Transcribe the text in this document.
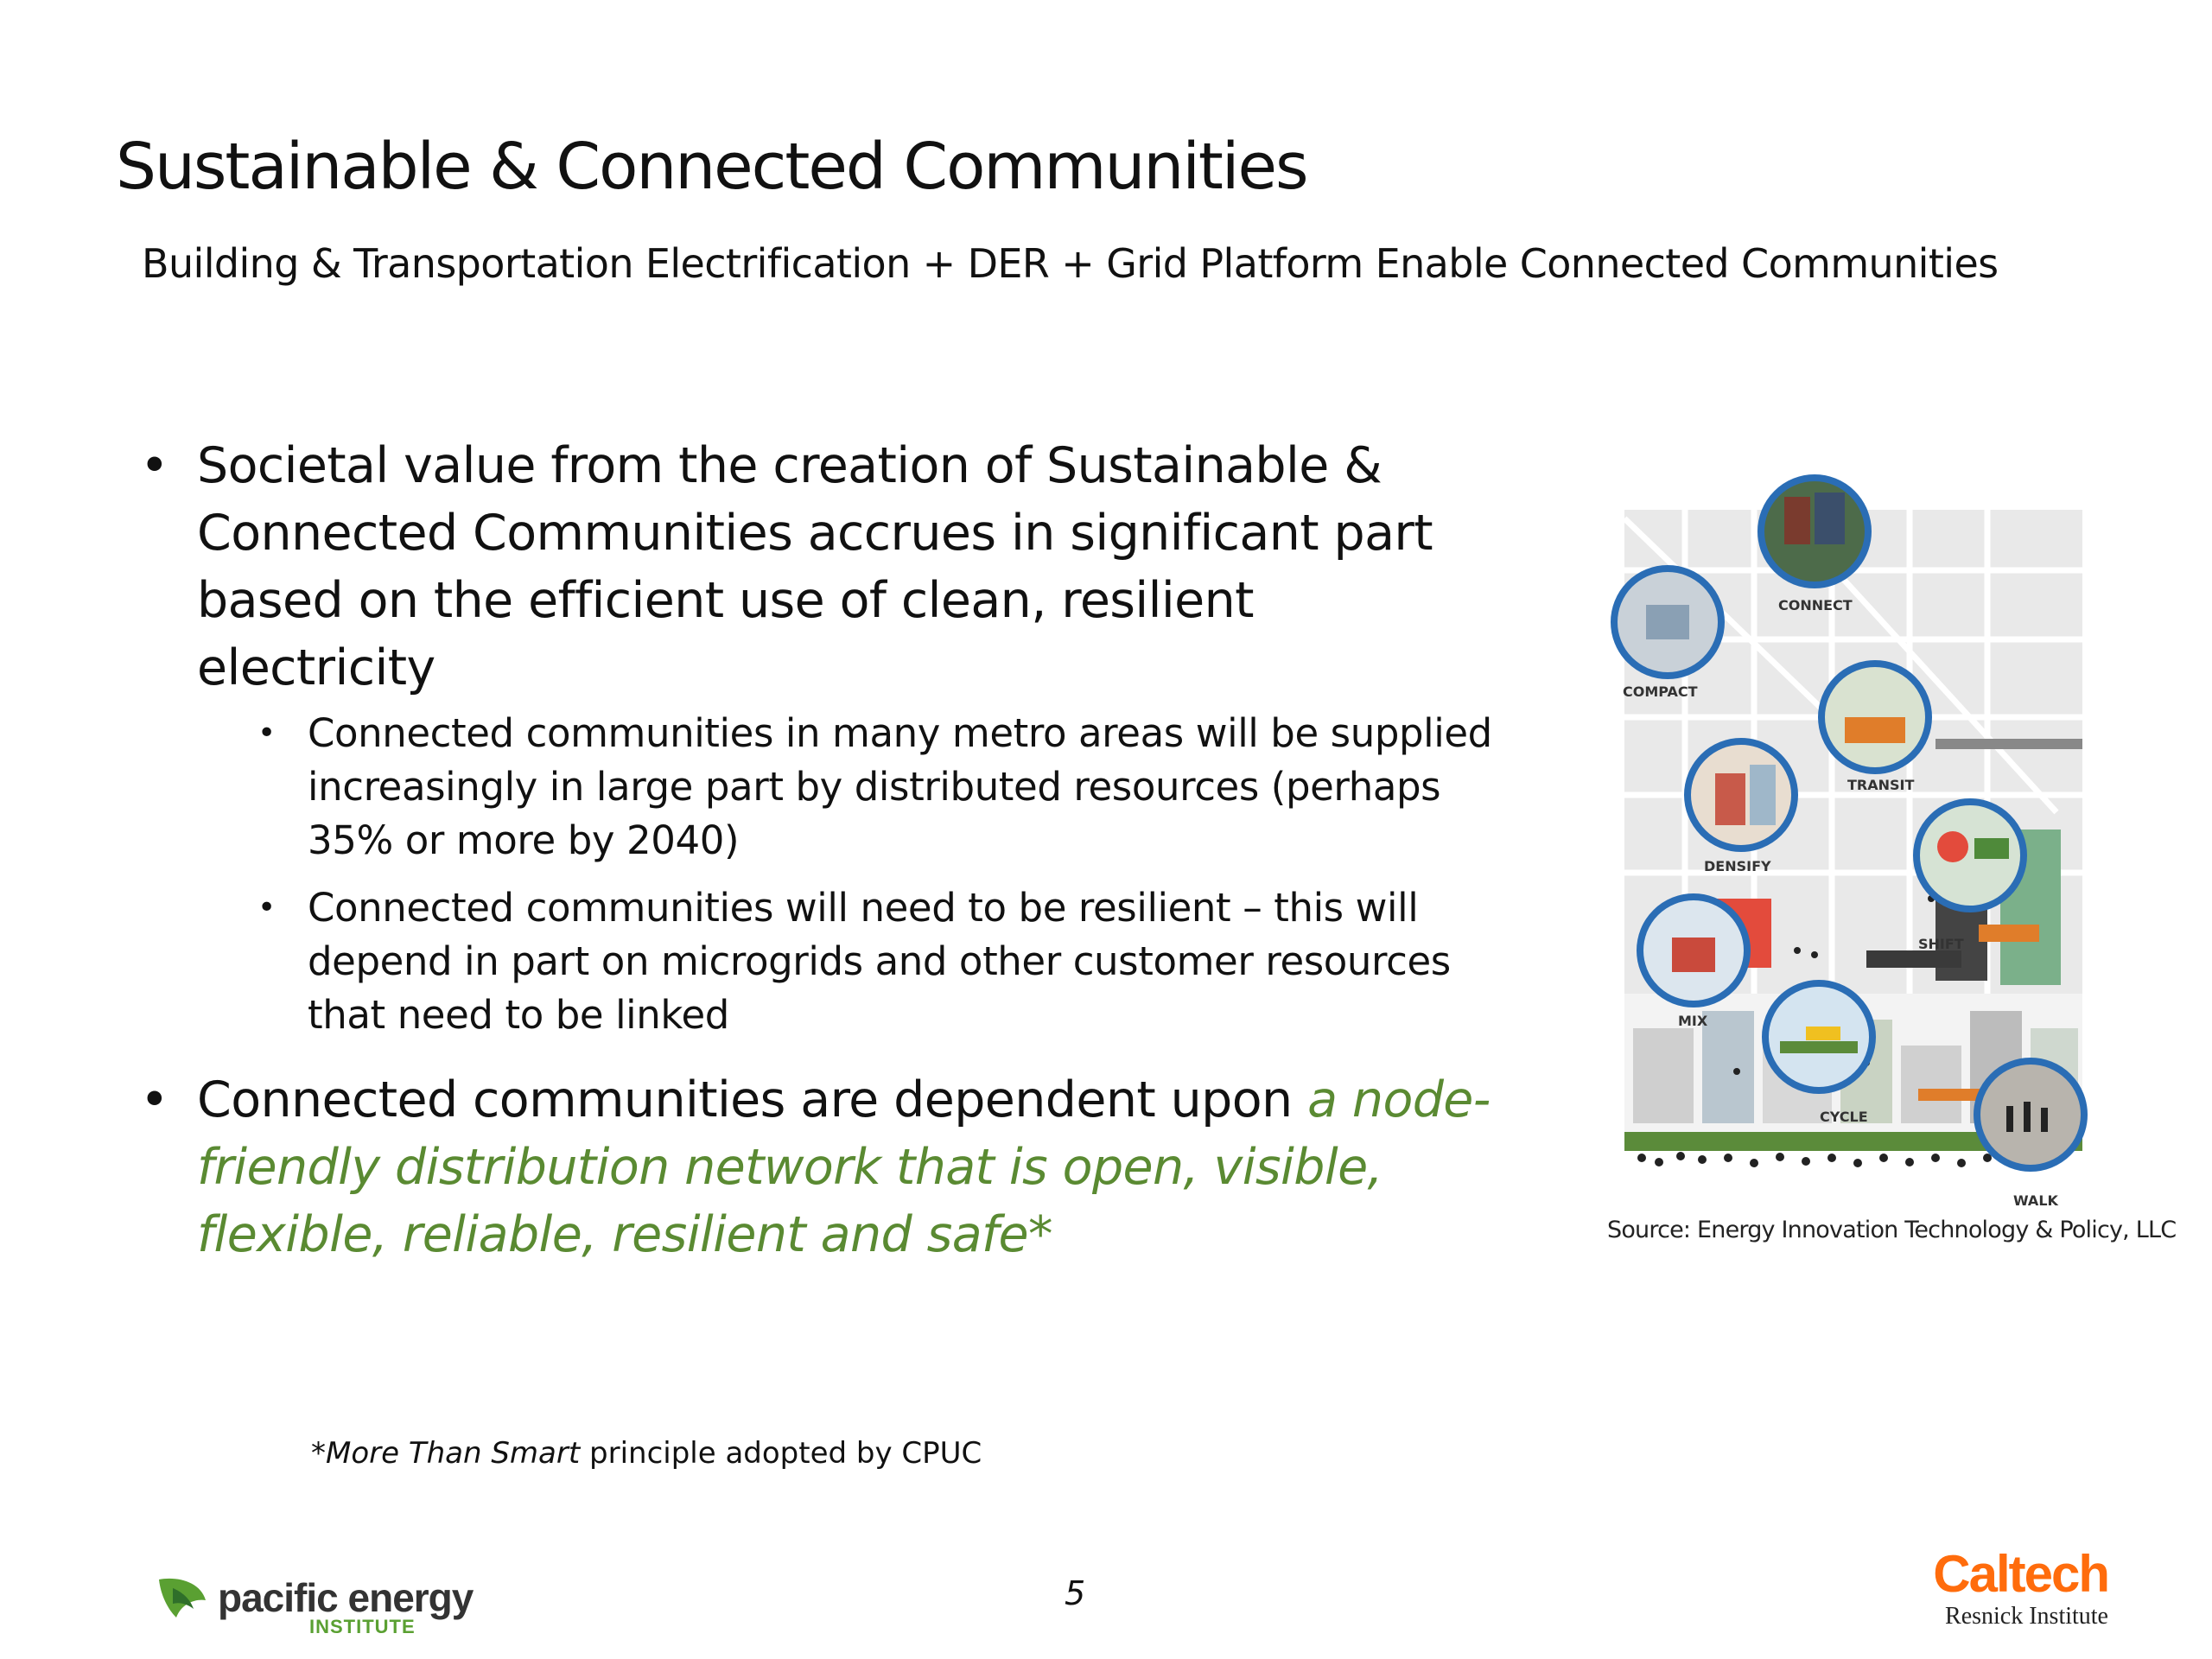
Sustainable & Connected Communities
Building & Transportation Electrification + DER + Grid Platform Enable Connected Communities
• Societal value from the creation of Sustainable & Connected Communities accrues in significant part based on the efficient use of clean, resilient electricity
• Connected communities in many metro areas will be supplied increasingly in large part by distributed resources (perhaps 35% or more by 2040)
• Connected communities will need to be resilient – this will depend in part on microgrids and other customer resources that need to be linked
• Connected communities are dependent upon a node-friendly distribution network that is open, visible, flexible, reliable, resilient and safe*
CONNECT
COMPACT
TRANSIT
DENSIFY
SHIFT
MIX
CYCLE
WALK
Source: Energy Innovation Technology & Policy, LLC
*More Than Smart principle adopted by CPUC
5
pacific energy
INSTITUTE
Caltech
Resnick Institute
